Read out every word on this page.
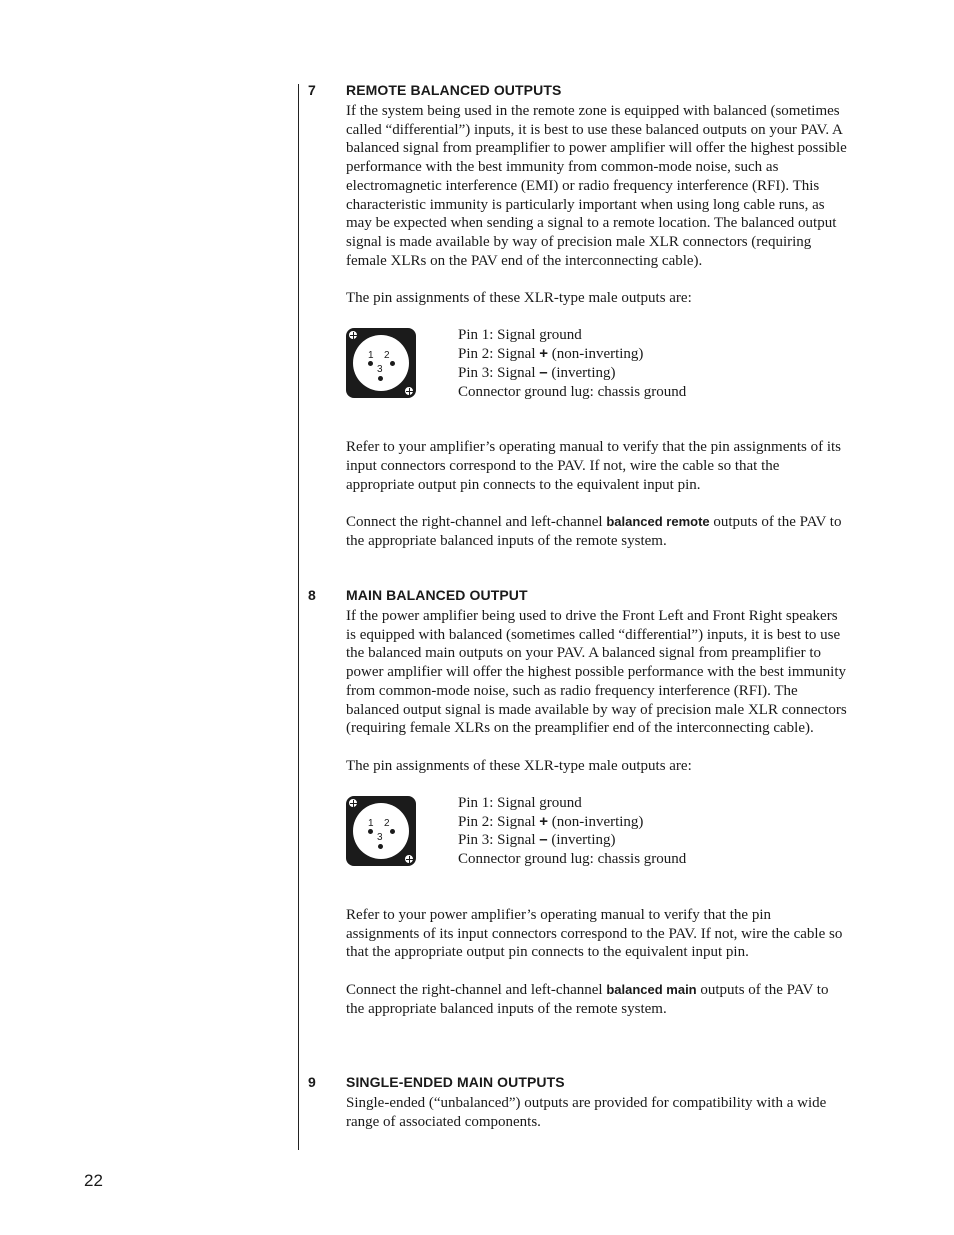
7 REMOTE BALANCED OUTPUTS

If the system being used in the remote zone is equipped with balanced (sometimes called “differential”) inputs, it is best to use these balanced outputs on your PAV. A balanced signal from preamplifier to power amplifier will offer the highest possible performance with the best immunity from common-mode noise, such as electromagnetic interference (EMI) or radio frequency interference (RFI). This characteristic immunity is particularly important when using long cable runs, as may be expected when sending a signal to a remote location. The balanced output signal is made available by way of precision male XLR connectors (requiring female XLRs on the PAV end of the interconnecting cable).

The pin assignments of these XLR-type male outputs are:

1 2
3
Pin 1: Signal ground
Pin 2: Signal + (non-inverting)
Pin 3: Signal – (inverting)
Connector ground lug: chassis ground

Refer to your amplifier’s operating manual to verify that the pin assignments of its input connectors correspond to the PAV. If not, wire the cable so that the appropriate output pin connects to the equivalent input pin.

Connect the right-channel and left-channel balanced remote outputs of the PAV to the appropriate balanced inputs of the remote system.

8 MAIN BALANCED OUTPUT

If the power amplifier being used to drive the Front Left and Front Right speakers is equipped with balanced (sometimes called “differential”) inputs, it is best to use the balanced main outputs on your PAV. A balanced signal from preamplifier to power amplifier will offer the highest possible performance with the best immunity from common-mode noise, such as radio frequency interference (RFI). The balanced output signal is made available by way of precision male XLR connectors (requiring female XLRs on the preamplifier end of the interconnecting cable).

The pin assignments of these XLR-type male outputs are:

1 2
3
Pin 1: Signal ground
Pin 2: Signal + (non-inverting)
Pin 3: Signal – (inverting)
Connector ground lug: chassis ground

Refer to your power amplifier’s operating manual to verify that the pin assignments of its input connectors correspond to the PAV. If not, wire the cable so that the appropriate output pin connects to the equivalent input pin.

Connect the right-channel and left-channel balanced main outputs of the PAV to the appropriate balanced inputs of the remote system.

9 SINGLE-ENDED MAIN OUTPUTS

Single-ended (“unbalanced”) outputs are provided for compatibility with a wide range of associated components.

22
